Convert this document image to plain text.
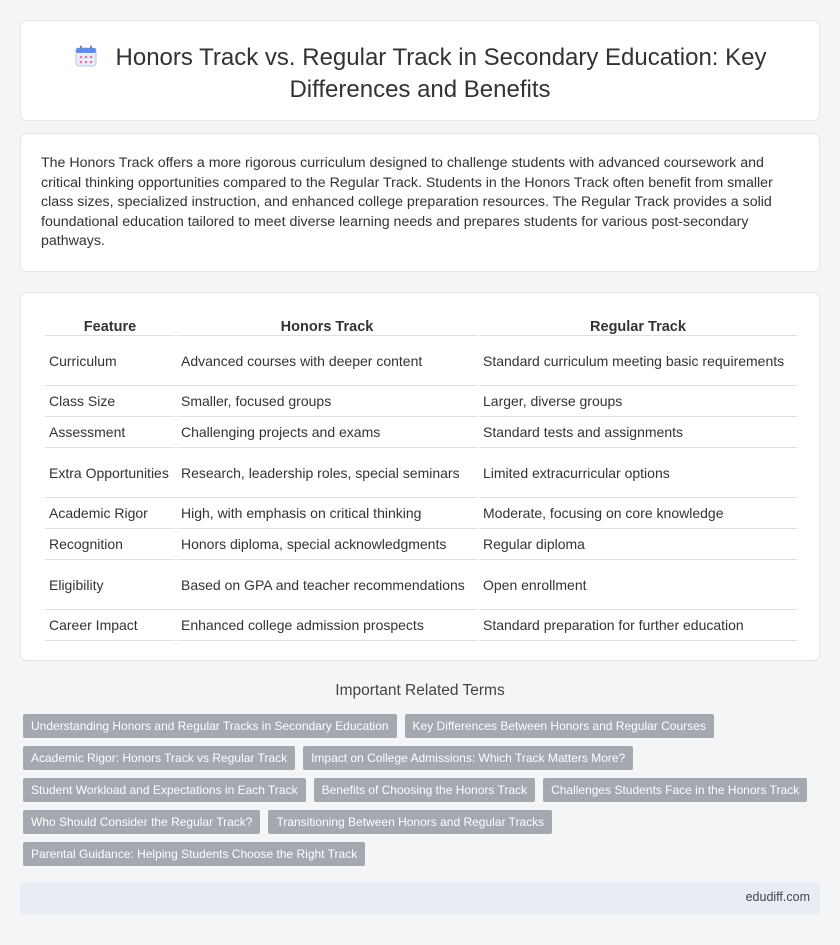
Honors Track vs. Regular Track in Secondary Education: Key Differences and Benefits

The Honors Track offers a more rigorous curriculum designed to challenge students with advanced coursework and critical thinking opportunities compared to the Regular Track. Students in the Honors Track often benefit from smaller class sizes, specialized instruction, and enhanced college preparation resources. The Regular Track provides a solid foundational education tailored to meet diverse learning needs and prepares students for various post-secondary pathways.

Feature	Honors Track	Regular Track
Curriculum	Advanced courses with deeper content	Standard curriculum meeting basic requirements
Class Size	Smaller, focused groups	Larger, diverse groups
Assessment	Challenging projects and exams	Standard tests and assignments
Extra Opportunities	Research, leadership roles, special seminars	Limited extracurricular options
Academic Rigor	High, with emphasis on critical thinking	Moderate, focusing on core knowledge
Recognition	Honors diploma, special acknowledgments	Regular diploma
Eligibility	Based on GPA and teacher recommendations	Open enrollment
Career Impact	Enhanced college admission prospects	Standard preparation for further education
Important Related Terms
Understanding Honors and Regular Tracks in Secondary Education	Key Differences Between Honors and Regular Courses
Academic Rigor: Honors Track vs Regular Track	Impact on College Admissions: Which Track Matters More?
Student Workload and Expectations in Each Track	Benefits of Choosing the Honors Track	Challenges Students Face in the Honors Track
Who Should Consider the Regular Track?	Transitioning Between Honors and Regular Tracks
Parental Guidance: Helping Students Choose the Right Track
edudiff.com
